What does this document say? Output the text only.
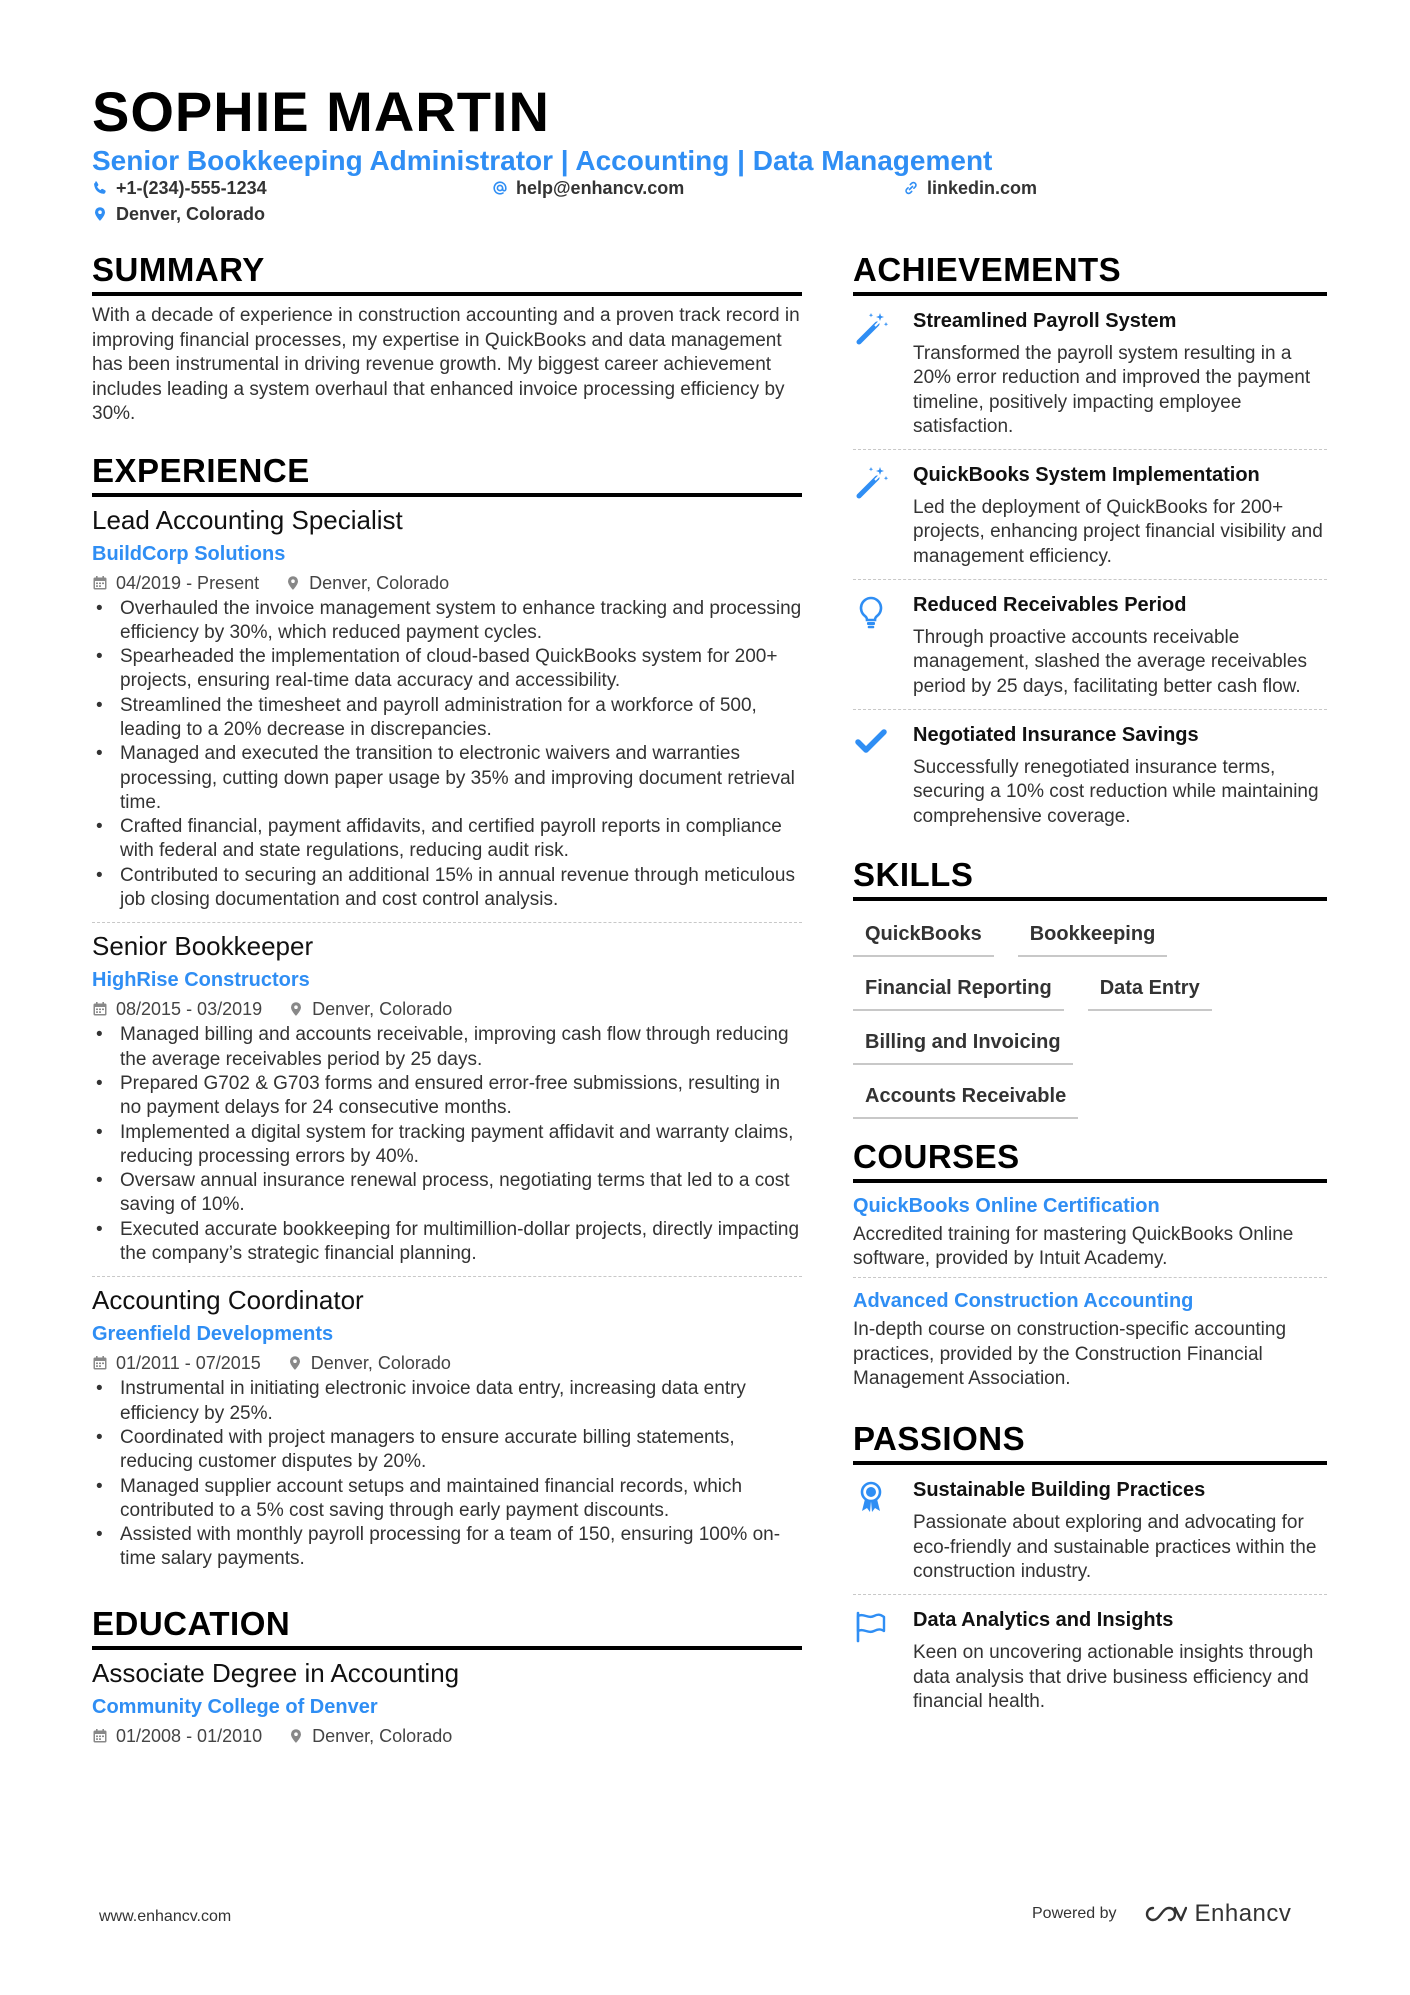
SOPHIE MARTIN
Senior Bookkeeping Administrator | Accounting | Data Management
+1-(234)-555-1234	help@enhancv.com	linkedin.com
Denver, Colorado
SUMMARY

With a decade of experience in construction accounting and a proven track record in improving financial processes, my expertise in QuickBooks and data management has been instrumental in driving revenue growth. My biggest career achievement includes leading a system overhaul that enhanced invoice processing efficiency by 30%.

EXPERIENCE
Lead Accounting Specialist
BuildCorp Solutions
04/2019 - Present	Denver, Colorado
• Overhauled the invoice management system to enhance tracking and processing efficiency by 30%, which reduced payment cycles.
• Spearheaded the implementation of cloud-based QuickBooks system for 200+ projects, ensuring real-time data accuracy and accessibility.
• Streamlined the timesheet and payroll administration for a workforce of 500, leading to a 20% decrease in discrepancies.
• Managed and executed the transition to electronic waivers and warranties processing, cutting down paper usage by 35% and improving document retrieval time.
• Crafted financial, payment affidavits, and certified payroll reports in compliance with federal and state regulations, reducing audit risk.
• Contributed to securing an additional 15% in annual revenue through meticulous job closing documentation and cost control analysis.
Senior Bookkeeper
HighRise Constructors
08/2015 - 03/2019	Denver, Colorado
• Managed billing and accounts receivable, improving cash flow through reducing the average receivables period by 25 days.
• Prepared G702 & G703 forms and ensured error-free submissions, resulting in no payment delays for 24 consecutive months.
• Implemented a digital system for tracking payment affidavit and warranty claims, reducing processing errors by 40%.
• Oversaw annual insurance renewal process, negotiating terms that led to a cost saving of 10%.
• Executed accurate bookkeeping for multimillion-dollar projects, directly impacting the company’s strategic financial planning.
Accounting Coordinator
Greenfield Developments
01/2011 - 07/2015	Denver, Colorado
• Instrumental in initiating electronic invoice data entry, increasing data entry efficiency by 25%.
• Coordinated with project managers to ensure accurate billing statements, reducing customer disputes by 20%.
• Managed supplier account setups and maintained financial records, which contributed to a 5% cost saving through early payment discounts.
• Assisted with monthly payroll processing for a team of 150, ensuring 100% on-time salary payments.
EDUCATION
Associate Degree in Accounting
Community College of Denver
01/2008 - 01/2010	Denver, Colorado
ACHIEVEMENTS
Streamlined Payroll System
Transformed the payroll system resulting in a 20% error reduction and improved the payment timeline, positively impacting employee satisfaction.
QuickBooks System Implementation
Led the deployment of QuickBooks for 200+ projects, enhancing project financial visibility and management efficiency.
Reduced Receivables Period
Through proactive accounts receivable management, slashed the average receivables period by 25 days, facilitating better cash flow.
Negotiated Insurance Savings
Successfully renegotiated insurance terms, securing a 10% cost reduction while maintaining comprehensive coverage.
SKILLS
QuickBooks	Bookkeeping
Financial Reporting	Data Entry
Billing and Invoicing
Accounts Receivable
COURSES
QuickBooks Online Certification
Accredited training for mastering QuickBooks Online software, provided by Intuit Academy.
Advanced Construction Accounting
In-depth course on construction-specific accounting practices, provided by the Construction Financial Management Association.
PASSIONS
Sustainable Building Practices
Passionate about exploring and advocating for eco-friendly and sustainable practices within the construction industry.
Data Analytics and Insights
Keen on uncovering actionable insights through data analysis that drive business efficiency and financial health.
www.enhancv.com	Powered by	Enhancv
